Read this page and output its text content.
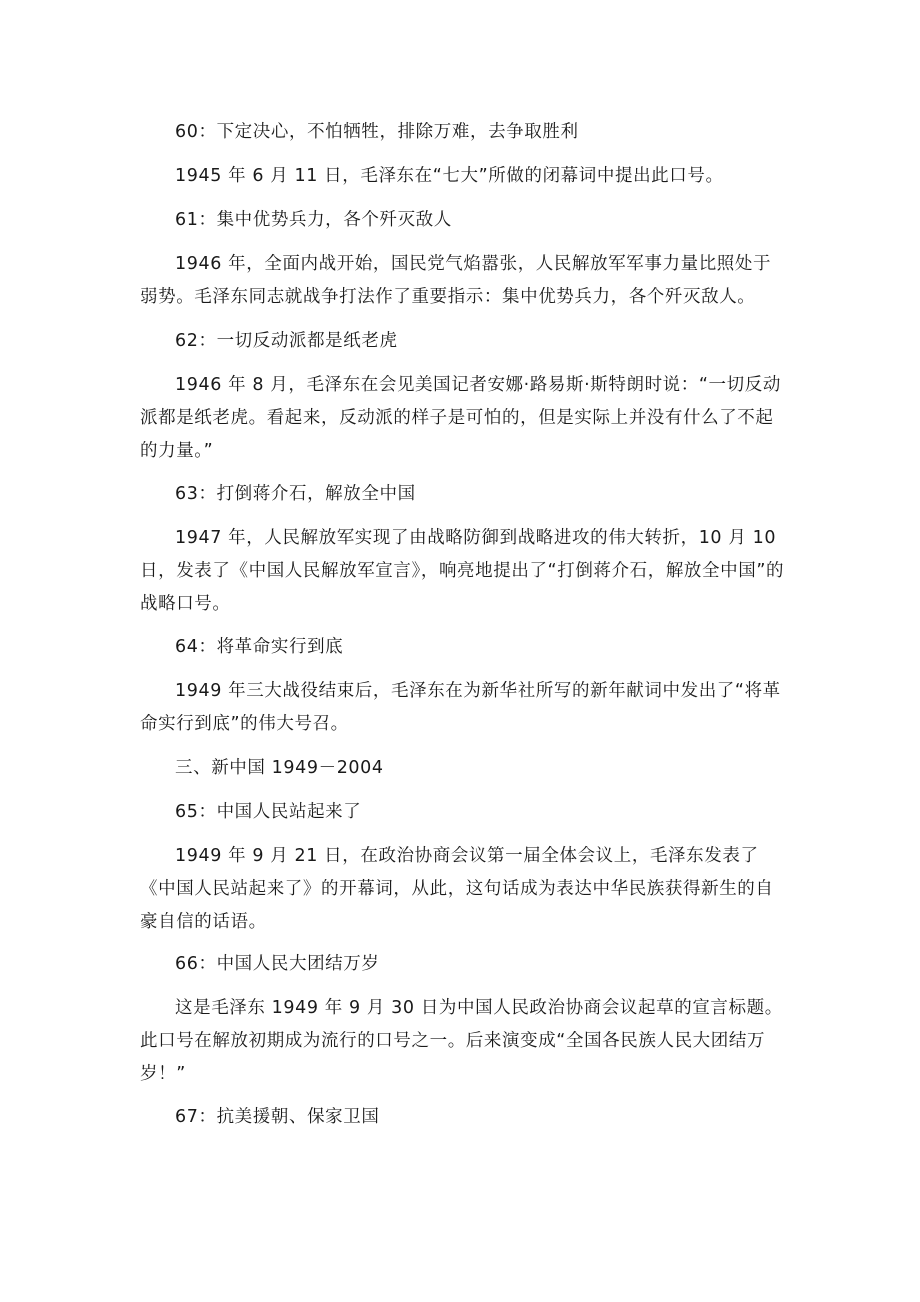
60：下定决心，不怕牺牲，排除万难，去争取胜利

1945 年 6 月 11 日，毛泽东在“七大”所做的闭幕词中提出此口号。

61：集中优势兵力，各个歼灭敌人

1946 年，全面内战开始，国民党气焰嚣张，人民解放军军事力量比照处于弱势。毛泽东同志就战争打法作了重要指示：集中优势兵力，各个歼灭敌人。

62：一切反动派都是纸老虎

1946 年 8 月，毛泽东在会见美国记者安娜·路易斯·斯特朗时说：“一切反动派都是纸老虎。看起来，反动派的样子是可怕的，但是实际上并没有什么了不起的力量。”

63：打倒蒋介石，解放全中国

1947 年，人民解放军实现了由战略防御到战略进攻的伟大转折，10 月 10 日，发表了《中国人民解放军宣言》，响亮地提出了“打倒蒋介石，解放全中国”的战略口号。

64：将革命实行到底

1949 年三大战役结束后，毛泽东在为新华社所写的新年献词中发出了“将革命实行到底”的伟大号召。

三、新中国 1949－2004

65：中国人民站起来了

1949 年 9 月 21 日，在政治协商会议第一届全体会议上，毛泽东发表了《中国人民站起来了》的开幕词，从此，这句话成为表达中华民族获得新生的自豪自信的话语。

66：中国人民大团结万岁

这是毛泽东 1949 年 9 月 30 日为中国人民政治协商会议起草的宣言标题。此口号在解放初期成为流行的口号之一。后来演变成“全国各民族人民大团结万岁！”

67：抗美援朝、保家卫国
